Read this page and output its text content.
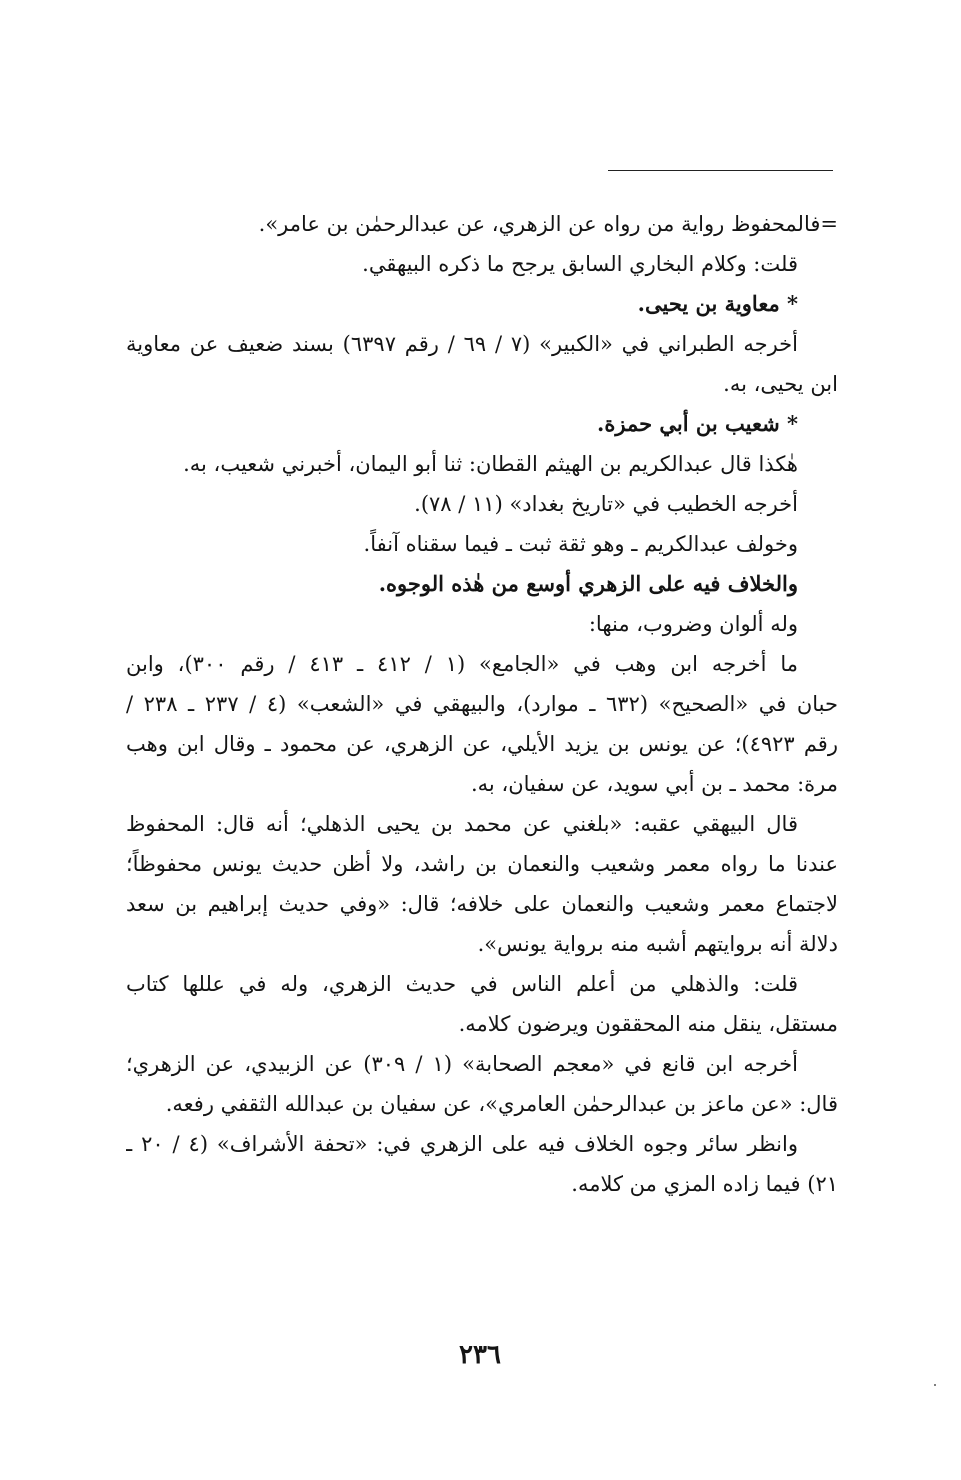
=فالمحفوظ رواية من رواه عن الزهري، عن عبدالرحمٰن بن عامر».
قلت: وكلام البخاري السابق يرجح ما ذكره البيهقي.
* معاوية بن يحيى.
أخرجه الطبراني في «الكبير» (٧ / ٦٩ / رقم ٦٣٩٧) بسند ضعيف عن معاوية
ابن يحيى، به.
* شعيب بن أبي حمزة.
هٰكذا قال عبدالكريم بن الهيثم القطان: ثنا أبو اليمان، أخبرني شعيب، به.
أخرجه الخطيب في «تاريخ بغداد» (١١ / ٧٨).
وخولف عبدالكريم ـ وهو ثقة ثبت ـ فيما سقناه آنفاً.
والخلاف فيه على الزهري أوسع من هٰذه الوجوه.
وله ألوان وضروب، منها:
ما أخرجه ابن وهب في «الجامع» (١ / ٤١٢ ـ ٤١٣ / رقم ٣٠٠)، وابن
حبان في «الصحيح» (٦٣٢ ـ موارد)، والبيهقي في «الشعب» (٤ / ٢٣٧ ـ ٢٣٨ /
رقم ٤٩٢٣)؛ عن يونس بن يزيد الأيلي، عن الزهري، عن محمود ـ وقال ابن وهب
مرة: محمد ـ بن أبي سويد، عن سفيان، به.
قال البيهقي عقبه: «بلغني عن محمد بن يحيى الذهلي؛ أنه قال: المحفوظ
عندنا ما رواه معمر وشعيب والنعمان بن راشد، ولا أظن حديث يونس محفوظاً؛
لاجتماع معمر وشعيب والنعمان على خلافه؛ قال: «وفي حديث إبراهيم بن سعد
دلالة أنه بروايتهم أشبه منه برواية يونس».
قلت: والذهلي من أعلم الناس في حديث الزهري، وله في عللها كتاب
مستقل، ينقل منه المحققون ويرضون كلامه.
أخرجه ابن قانع في «معجم الصحابة» (١ / ٣٠٩) عن الزبيدي، عن الزهري؛
قال: «عن ماعز بن عبدالرحمٰن العامري»، عن سفيان بن عبدالله الثقفي رفعه.
وانظر سائر وجوه الخلاف فيه على الزهري في: «تحفة الأشراف» (٤ / ٢٠ ـ
٢١) فيما زاده المزي من كلامه.
٢٣٦
